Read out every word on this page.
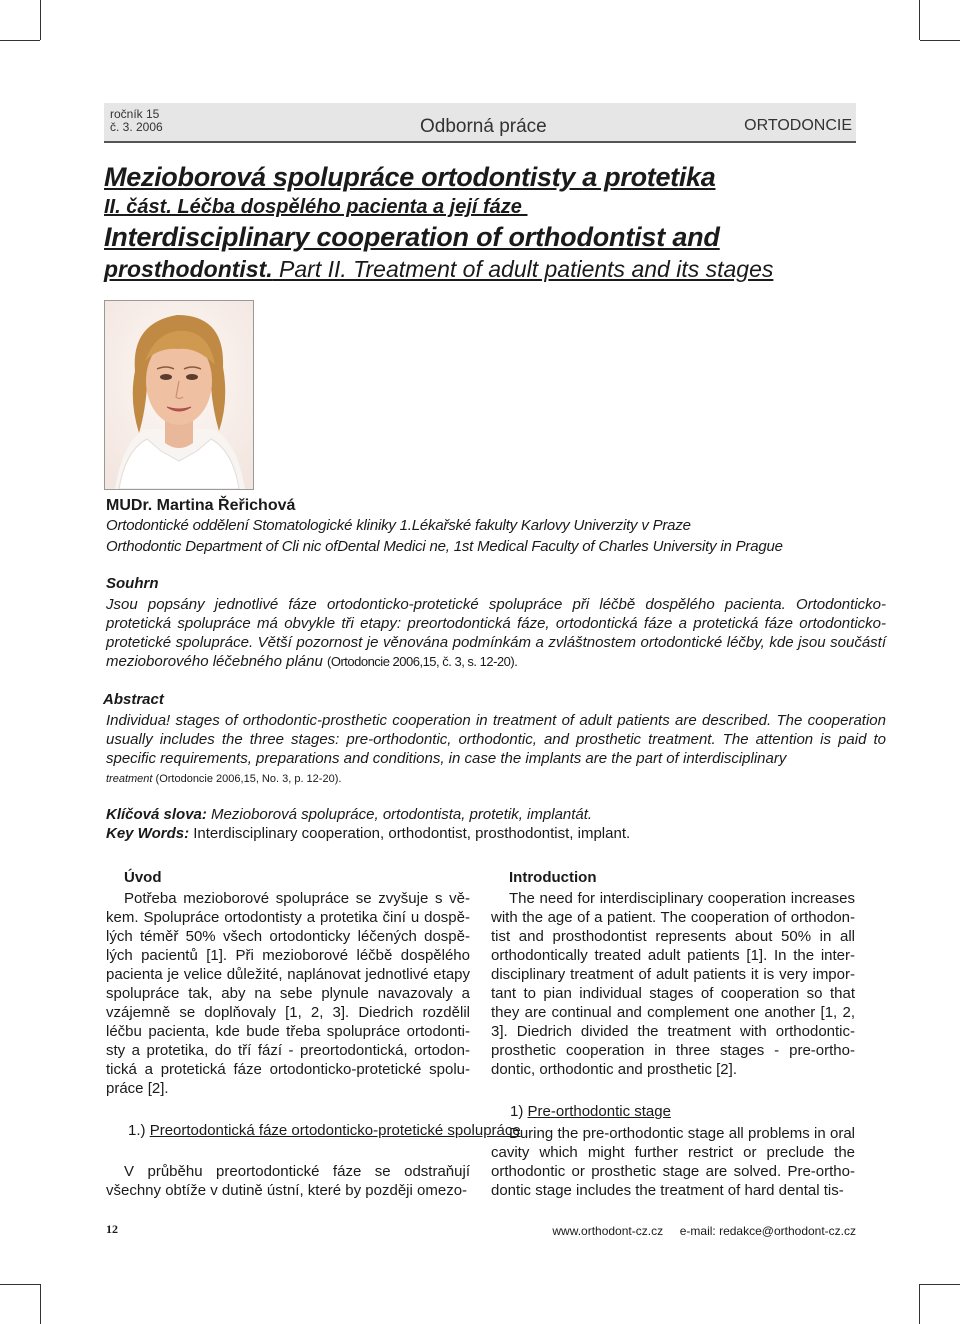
ročník 15
č. 3. 2006	Odborná práce	ORTODONCIE
Mezioborová spolupráce ortodontisty a protetika
II. část. Léčba dospělého pacienta a její fáze
Interdisciplinary cooperation of orthodontist and
prosthodontist. Part II. Treatment of adult patients and its stages
MUDr. Martina Řeřichová
Ortodontické oddělení Stomatologické kliniky 1.Lékařské fakulty Karlovy Univerzity v Praze
Orthodontic Department of Cli nic ofDental Medici ne, 1st Medical Faculty of Charles University in Prague
Souhrn
Jsou popsány jednotlivé fáze ortodonticko-protetické spolupráce při léčbě dospělého pacienta. Ortodonticko- protetická spolupráce má obvykle tři etapy: preortodontická fáze, ortodontická fáze a protetická fáze ortodonticko-protetické spolupráce. Větší pozornost je věnována podmínkám a zvláštnostem ortodontické léčby, kde jsou součástí mezioborového léčebného plánu (Ortodoncie 2006,15, č. 3, s. 12-20).
Abstract
Individua! stages of orthodontic-prosthetic cooperation in treatment of adult patients are described. The cooperation usually includes the three stages: pre-orthodontic, orthodontic, and prosthetic treatment. The attention is paid to specific requirements, preparations and conditions, in case the implants are the part of interdisciplinary
treatment (Ortodoncie 2006,15, No. 3, p. 12-20).
Klíčová slova: Mezioborová spolupráce, ortodontista, protetik, implantát.
Key Words: Interdisciplinary cooperation, orthodontist, prosthodontist, implant.
Úvod
Potřeba mezioborové spolupráce se zvyšuje s věkem. Spolupráce ortodontisty a protetika činí u dospělých téměř 50% všech ortodonticky léčených dospělých pacientů [1]. Při mezioborové léčbě dospělého pacienta je velice důležité, naplánovat jednotlivé etapy spolupráce tak, aby na sebe plynule navazovaly a vzájemně se doplňovaly [1, 2, 3]. Diedrich rozdělil léčbu pacienta, kde bude třeba spolupráce ortodontisty a protetika, do tří fází - preortodontická, ortodontická a protetická fáze ortodonticko-protetické spolupráce [2].
1.) Preortodontická fáze ortodonticko-protetické spolupráce
V průběhu preortodontické fáze se odstraňují všechny obtíže v dutině ústní, které by později omezo-
Introduction
The need for interdisciplinary cooperation increases with the age of a patient. The cooperation of orthodontist and prosthodontist represents about 50% in all orthodontically treated adult patients [1]. In the interdisciplinary treatment of adult patients it is very important to pian individual stages of cooperation so that they are continual and complement one another [1, 2, 3]. Diedrich divided the treatment with orthodontic-prosthetic cooperation in three stages - pre-orthodontic, orthodontic and prosthetic [2].
1) Pre-orthodontic stage
During the pre-orthodontic stage all problems in oral cavity which might further restrict or preclude the orthodontic or prosthetic stage are solved. Pre-orthodontic stage includes the treatment of hard dental tis-
12	www.orthodont-cz.cz e-mail: redakce@orthodont-cz.cz
